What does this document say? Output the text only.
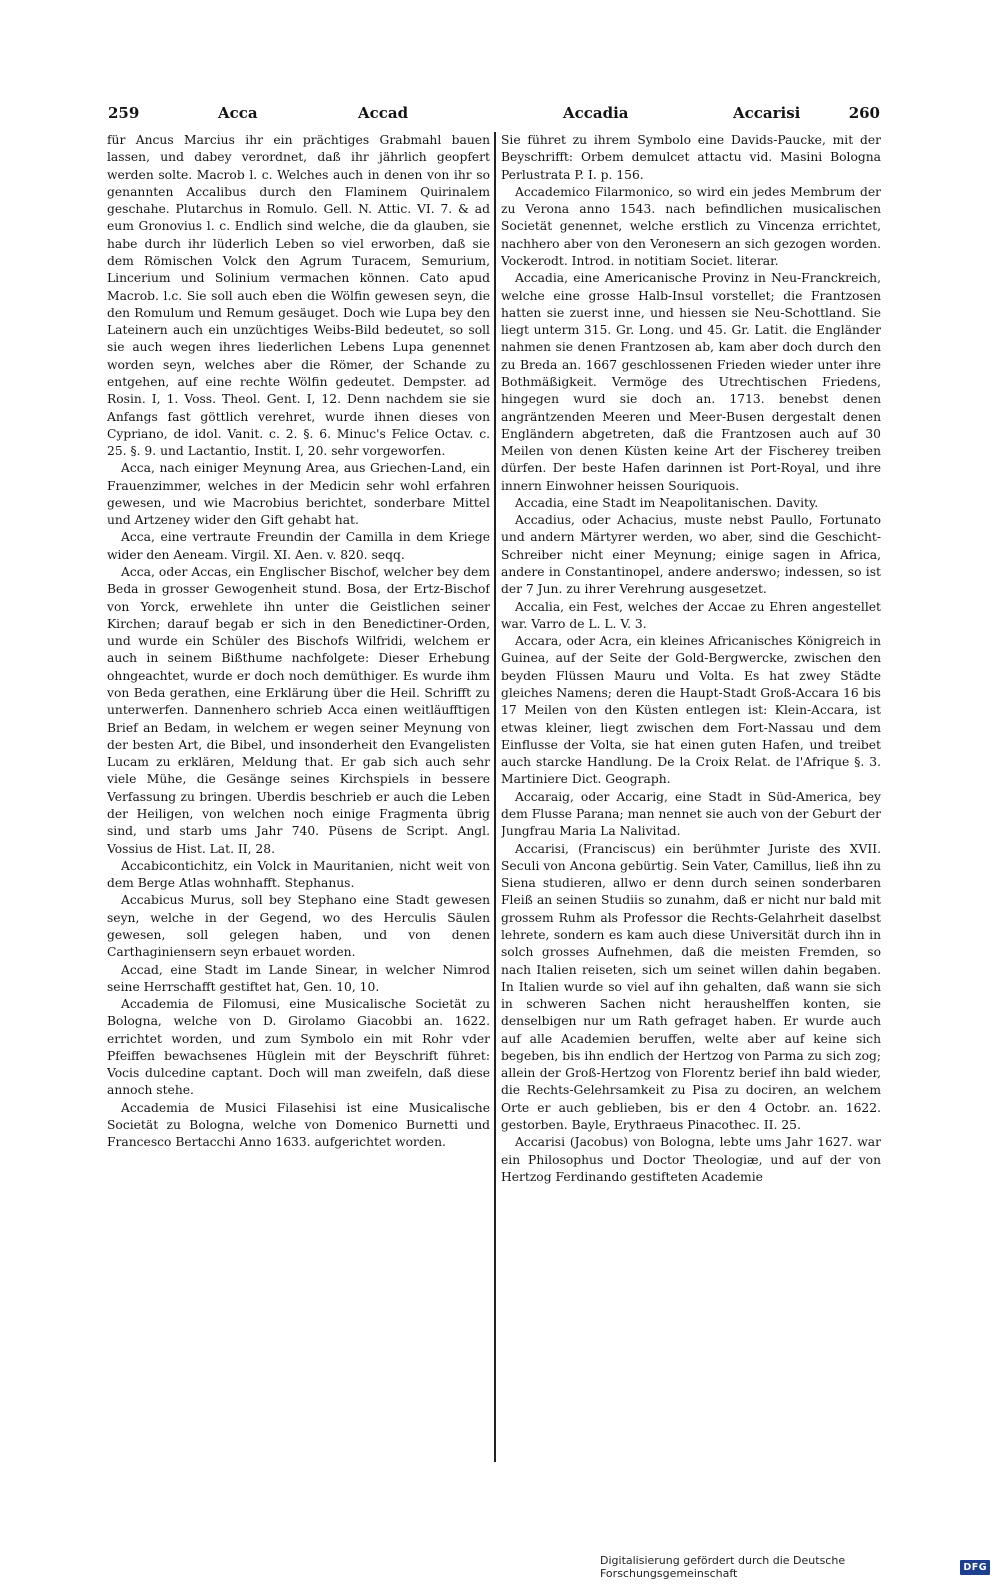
259	Acca	Accad	Accadia	Accarisi	260

für Ancus Marcius ihr ein prächtiges Grabmahl bauen lassen, und dabey verordnet, daß ihr jährlich geopfert werden solte. Macrob l. c. Welches auch in denen von ihr so genannten Accalibus durch den Flaminem Quirinalem geschahe. Plutarchus in Romulo. Gell. N. Attic. VI. 7. & ad eum Gronovius l. c. Endlich sind welche, die da glauben, sie habe durch ihr lüderlich Leben so viel erworben, daß sie dem Römischen Volck den Agrum Turacem, Semurium, Lincerium und Solinium vermachen können. Cato apud Macrob. l.c. Sie soll auch eben die Wölfin gewesen seyn, die den Romulum und Remum gesäuget. Doch wie Lupa bey den Lateinern auch ein unzüchtiges Weibs-Bild bedeutet, so soll sie auch wegen ihres liederlichen Lebens Lupa genennet worden seyn, welches aber die Römer, der Schande zu entgehen, auf eine rechte Wölfin gedeutet. Dempster. ad Rosin. I, 1. Voss. Theol. Gent. I, 12. Denn nachdem sie sie Anfangs fast göttlich verehret, wurde ihnen dieses von Cypriano, de idol. Vanit. c. 2. §. 6. Minuc's Felice Octav. c. 25. §. 9. und Lactantio, Instit. I, 20. sehr vorgeworfen.

Acca, nach einiger Meynung Area, aus Griechen-Land, ein Frauenzimmer, welches in der Medicin sehr wohl erfahren gewesen, und wie Macrobius berichtet, sonderbare Mittel und Artzeney wider den Gift gehabt hat.

Acca, eine vertraute Freundin der Camilla in dem Kriege wider den Aeneam. Virgil. XI. Aen. v. 820. seqq.

Acca, oder Accas, ein Englischer Bischof, welcher bey dem Beda in grosser Gewogenheit stund. Bosa, der Ertz-Bischof von Yorck, erwehlete ihn unter die Geistlichen seiner Kirchen; darauf begab er sich in den Benedictiner-Orden, und wurde ein Schüler des Bischofs Wilfridi, welchem er auch in seinem Bißthume nachfolgete: Dieser Erhebung ohngeachtet, wurde er doch noch demüthiger. Es wurde ihm von Beda gerathen, eine Erklärung über die Heil. Schrifft zu unterwerfen. Dannenhero schrieb Acca einen weitläufftigen Brief an Bedam, in welchem er wegen seiner Meynung von der besten Art, die Bibel, und insonderheit den Evangelisten Lucam zu erklären, Meldung that. Er gab sich auch sehr viele Mühe, die Gesänge seines Kirchspiels in bessere Verfassung zu bringen. Uberdis beschrieb er auch die Leben der Heiligen, von welchen noch einige Fragmenta übrig sind, und starb ums Jahr 740. Püsens de Script. Angl. Vossius de Hist. Lat. II, 28.

Accabicontichitz, ein Volck in Mauritanien, nicht weit von dem Berge Atlas wohnhafft. Stephanus.

Accabicus Murus, soll bey Stephano eine Stadt gewesen seyn, welche in der Gegend, wo des Herculis Säulen gewesen, soll gelegen haben, und von denen Carthaginiensern seyn erbauet worden.

Accad, eine Stadt im Lande Sinear, in welcher Nimrod seine Herrschafft gestiftet hat, Gen. 10, 10.

Accademia de Filomusi, eine Musicalische Societät zu Bologna, welche von D. Girolamo Giacobbi an. 1622. errichtet worden, und zum Symbolo ein mit Rohr vder Pfeiffen bewachsenes Hüglein mit der Beyschrift führet: Vocis dulcedine captant. Doch will man zweifeln, daß diese annoch stehe.

Accademia de Musici Filasehisi ist eine Musicalische Societät zu Bologna, welche von Domenico Burnetti und Francesco Bertacchi Anno 1633. aufgerichtet worden.

Sie führet zu ihrem Symbolo eine Davids-Paucke, mit der Beyschrifft: Orbem demulcet attactu vid. Masini Bologna Perlustrata P. I. p. 156.

Accademico Filarmonico, so wird ein jedes Membrum der zu Verona anno 1543. nach befindlichen musicalischen Societät genennet, welche erstlich zu Vincenza errichtet, nachhero aber von den Veronesern an sich gezogen worden. Vockerodt. Introd. in notitiam Societ. literar.

Accadia, eine Americanische Provinz in Neu-Franckreich, welche eine grosse Halb-Insul vorstellet; die Frantzosen hatten sie zuerst inne, und hiessen sie Neu-Schottland. Sie liegt unterm 315. Gr. Long. und 45. Gr. Latit. die Engländer nahmen sie denen Frantzosen ab, kam aber doch durch den zu Breda an. 1667 geschlossenen Frieden wieder unter ihre Bothmäßigkeit. Vermöge des Utrechtischen Friedens, hingegen wurd sie doch an. 1713. benebst denen angräntzenden Meeren und Meer-Busen dergestalt denen Engländern abgetreten, daß die Frantzosen auch auf 30 Meilen von denen Küsten keine Art der Fischerey treiben dürfen. Der beste Hafen darinnen ist Port-Royal, und ihre innern Einwohner heissen Souriquois.

Accadia, eine Stadt im Neapolitanischen. Davity.

Accadius, oder Achacius, muste nebst Paullo, Fortunato und andern Märtyrer werden, wo aber, sind die Geschicht-Schreiber nicht einer Meynung; einige sagen in Africa, andere in Constantinopel, andere anderswo; indessen, so ist der 7 Jun. zu ihrer Verehrung ausgesetzet.

Accalia, ein Fest, welches der Accae zu Ehren angestellet war. Varro de L. L. V. 3.

Accara, oder Acra, ein kleines Africanisches Königreich in Guinea, auf der Seite der Gold-Bergwercke, zwischen den beyden Flüssen Mauru und Volta. Es hat zwey Städte gleiches Namens; deren die Haupt-Stadt Groß-Accara 16 bis 17 Meilen von den Küsten entlegen ist: Klein-Accara, ist etwas kleiner, liegt zwischen dem Fort-Nassau und dem Einflusse der Volta, sie hat einen guten Hafen, und treibet auch starcke Handlung. De la Croix Relat. de l'Afrique §. 3. Martiniere Dict. Geograph.

Accaraig, oder Accarig, eine Stadt in Süd-America, bey dem Flusse Parana; man nennet sie auch von der Geburt der Jungfrau Maria La Nalivitad.

Accarisi, (Franciscus) ein berühmter Juriste des XVII. Seculi von Ancona gebürtig. Sein Vater, Camillus, ließ ihn zu Siena studieren, allwo er denn durch seinen sonderbaren Fleiß an seinen Studiis so zunahm, daß er nicht nur bald mit grossem Ruhm als Professor die Rechts-Gelahrheit daselbst lehrete, sondern es kam auch diese Universität durch ihn in solch grosses Aufnehmen, daß die meisten Fremden, so nach Italien reiseten, sich um seinet willen dahin begaben. In Italien wurde so viel auf ihn gehalten, daß wann sie sich in schweren Sachen nicht heraushelffen konten, sie denselbigen nur um Rath gefraget haben. Er wurde auch auf alle Academien beruffen, welte aber auf keine sich begeben, bis ihn endlich der Hertzog von Parma zu sich zog; allein der Groß-Hertzog von Florentz berief ihn bald wieder, die Rechts-Gelehrsamkeit zu Pisa zu dociren, an welchem Orte er auch geblieben, bis er den 4 Octobr. an. 1622. gestorben. Bayle, Erythraeus Pinacothec. II. 25.

Accarisi (Jacobus) von Bologna, lebte ums Jahr 1627. war ein Philosophus und Doctor Theologiæ, und auf der von Hertzog Ferdinando gestifteten Academie

Digitalisierung gefördert durch die Deutsche Forschungsgemeinschaft	DFG
